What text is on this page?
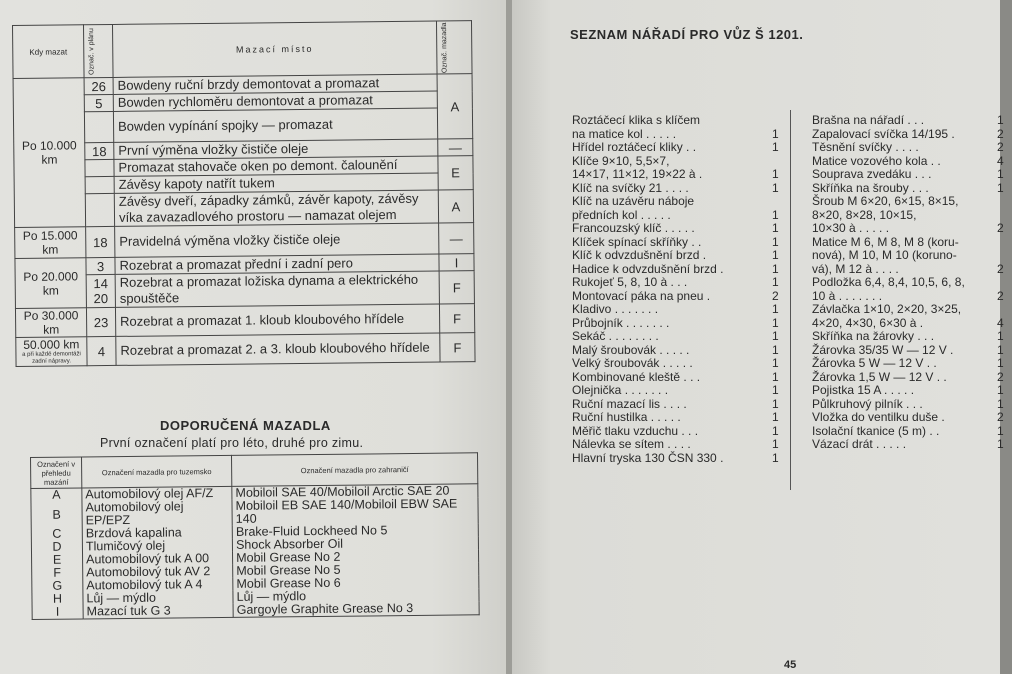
Kdy mazat	Označ. v plánu	Mazací místo	Označ. mazadla

Po 10.000 km	26	Bowdeny ruční brzdy demontovat a promazat	A
	5	Bowden rychloměru demontovat a promazat	
		Bowden vypínání spojky — promazat	
	18	První výměna vložky čističe oleje	—
		Promazat stahovače oken po demont. čalounění	E
		Závěsy kapoty natřít tukem	
		Závěsy dveří, západky zámků, závěr kapoty, závěsy víka zavazadlového prostoru — namazat olejem	A
Po 15.000 km	18	Pravidelná výměna vložky čističe oleje	—
Po 20.000 km	3	Rozebrat a promazat přední i zadní pero	I
	14 20	Rozebrat a promazat ložiska dynama a elektrického spouštěče	F
Po 30.000 km	23	Rozebrat a promazat 1. kloub kloubového hřídele	F
50.000 km
a při každé demontáži zadní nápravy.	4	Rozebrat a promazat 2. a 3. kloub kloubového hřídele	F
DOPORUČENÁ MAZADLA
První označení platí pro léto, druhé pro zimu.
Označení v přehledu mazání	Označení mazadla pro tuzemsko	Označení mazadla pro zahraničí
A	Automobilový olej AF/Z	Mobiloil SAE 40/Mobiloil Arctic SAE 20
B	Automobilový olej EP/EPZ	Mobiloil EB SAE 140/Mobiloil EBW SAE 140
C	Brzdová kapalina	Brake-Fluid Lockheed No 5
D	Tlumičový olej	Shock Absorber Oil
E	Automobilový tuk A 00	Mobil Grease No 2
F	Automobilový tuk AV 2	Mobil Grease No 5
G	Automobilový tuk A 4	Mobil Grease No 6
H	Lůj — mýdlo	Lůj — mýdlo
I	Mazací tuk G 3	Gargoyle Graphite Grease No 3
SEZNAM NÁŘADÍ PRO VŮZ Š 1201.
Roztáčecí klika s klíčem
na matice kol . . . . .	1
Hřídel roztáčecí kliky . .	1
Klíče 9×10, 5,5×7,
14×17, 11×12, 19×22 à .	1
Klíč na svíčky 21 . . . .	1
Klíč na uzávěru náboje
předních kol . . . . .	1
Francouzský klíč . . . . .	1
Klíček spínací skříňky . .	1
Klíč k odvzdušnění brzd .	1
Hadice k odvzdušnění brzd .	1
Rukojeť 5, 8, 10 à . . .	1
Montovací páka na pneu .	2
Kladivo . . . . . . .	1
Průbojník . . . . . . .	1
Sekáč . . . . . . . .	1
Malý šroubovák . . . . .	1
Velký šroubovák . . . . .	1
Kombinované kleště . . .	1
Olejnička . . . . . . .	1
Ruční mazací lis . . . .	1
Ruční hustilka . . . . .	1
Měřič tlaku vzduchu . . .	1
Nálevka se sítem . . . .	1
Hlavní tryska 130 ČSN 330 .	1
Brašna na nářadí . . .	1
Zapalovací svíčka 14/195 .	2
Těsnění svíčky . . . .	2
Matice vozového kola . .	4
Souprava zvedáku . . .	1
Skříňka na šrouby . . .	1
Šroub M 6×20, 6×15, 8×15,
8×20, 8×28, 10×15,
10×30 à . . . . .	2
Matice M 6, M 8, M 8 (koru-
nová), M 10, M 10 (koruno-
vá), M 12 à . . . .	2
Podložka 6,4, 8,4, 10,5, 6, 8,
10 à . . . . . . .	2
Závlačka 1×10, 2×20, 3×25,
4×20, 4×30, 6×30 à .	4
Skříňka na žárovky . . .	1
Žárovka 35/35 W — 12 V .	1
Žárovka 5 W — 12 V . .	1
Žárovka 1,5 W — 12 V . .	2
Pojistka 15 A . . . . .	1
Půlkruhový pilník . . .	1
Vložka do ventilku duše .	2
Isolační tkanice (5 m) . .	1
Vázací drát . . . . .	1
45
